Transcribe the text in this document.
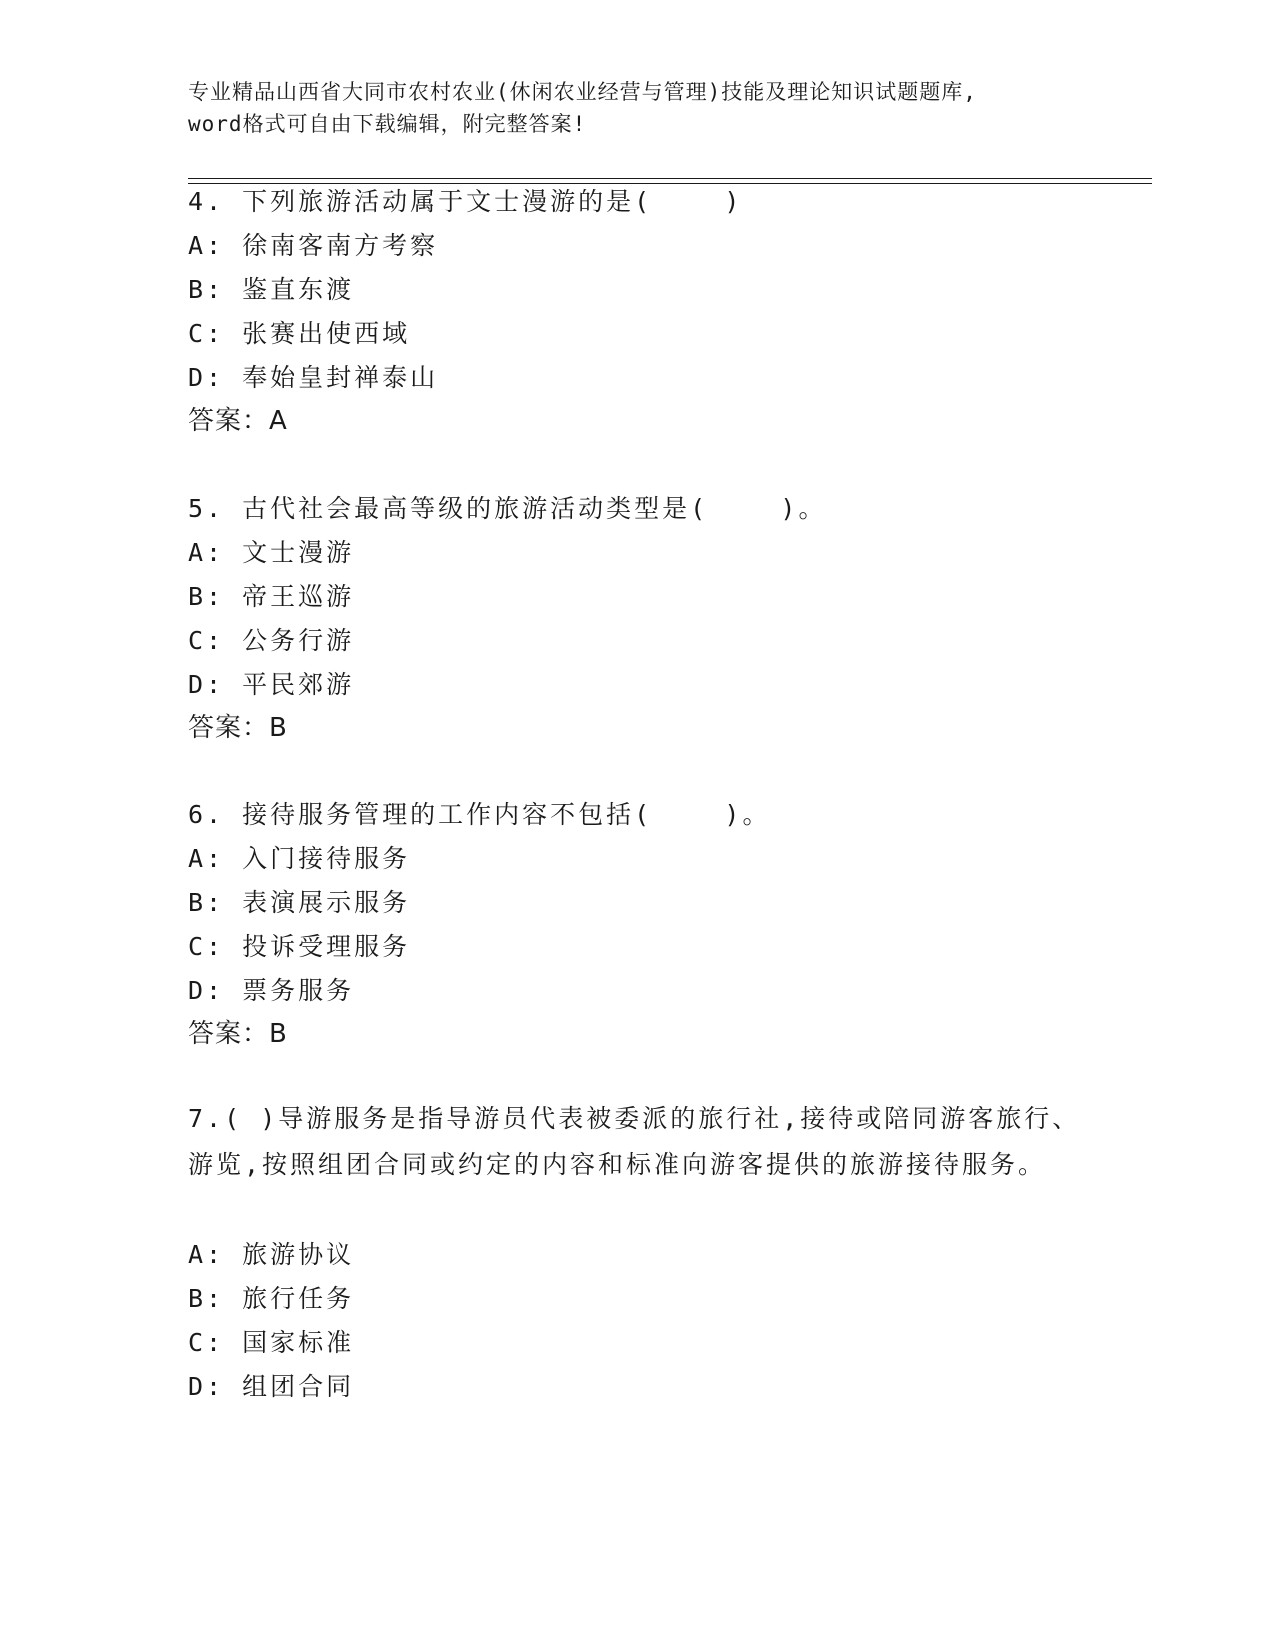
专业精品山西省大同市农村农业(休闲农业经营与管理)技能及理论知识试题题库,
word格式可自由下载编辑，附完整答案!
4. 下列旅游活动属于文士漫游的是(    )
A: 徐南客南方考察
B: 鉴直东渡
C: 张赛出使西域
D: 奉始皇封禅泰山
答案：A
5. 古代社会最高等级的旅游活动类型是(    )。
A: 文士漫游
B: 帝王巡游
C: 公务行游
D: 平民郊游
答案：B
6. 接待服务管理的工作内容不包括(    )。
A: 入门接待服务
B: 表演展示服务
C: 投诉受理服务
D: 票务服务
答案：B
7.( )导游服务是指导游员代表被委派的旅行社,接待或陪同游客旅行、游览,按照组团合同或约定的内容和标准向游客提供的旅游接待服务。
A: 旅游协议
B: 旅行任务
C: 国家标准
D: 组团合同
